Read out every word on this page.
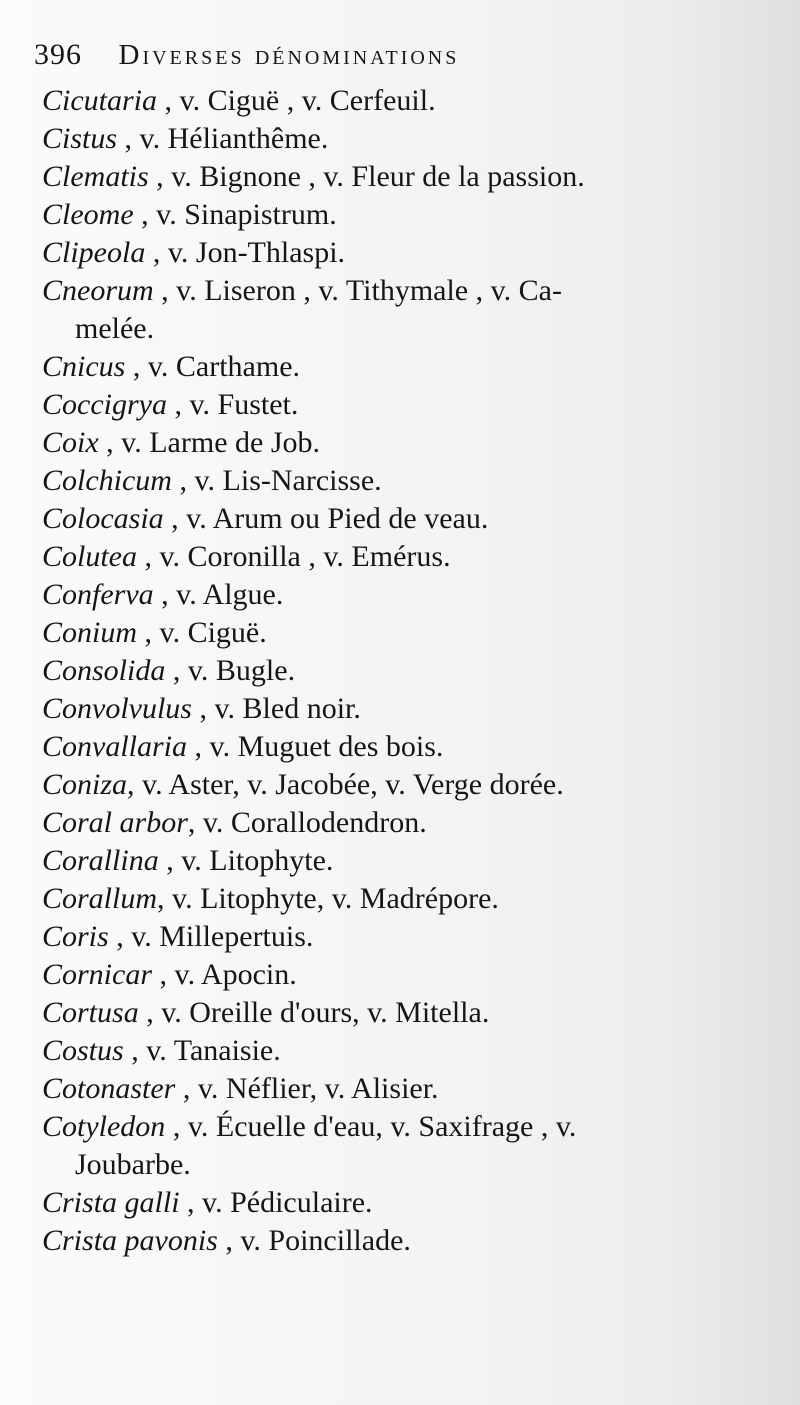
396 Diverses dénominations
Cicutaria , v. Ciguë , v. Cerfeuil.
Cistus , v. Hélianthême.
Clematis , v. Bignone , v. Fleur de la passion.
Cleome , v. Sinapistrum.
Clipeola , v. Jon-Thlaspi.
Cneorum , v. Liseron , v. Tithymale , v. Ca-
melée.
Cnicus , v. Carthame.
Coccigrya , v. Fustet.
Coix , v. Larme de Job.
Colchicum , v. Lis-Narcisse.
Colocasia , v. Arum ou Pied de veau.
Colutea , v. Coronilla , v. Emérus.
Conferva , v. Algue.
Conium , v. Ciguë.
Consolida , v. Bugle.
Convolvulus , v. Bled noir.
Convallaria , v. Muguet des bois.
Coniza, v. Aster, v. Jacobée, v. Verge dorée.
Coral arbor, v. Corallodendron.
Corallina , v. Litophyte.
Corallum, v. Litophyte, v. Madrépore.
Coris , v. Millepertuis.
Cornicar , v. Apocin.
Cortusa , v. Oreille d'ours, v. Mitella.
Costus , v. Tanaisie.
Cotonaster , v. Néflier, v. Alisier.
Cotyledon , v. Écuelle d'eau, v. Saxifrage , v.
Joubarbe.
Crista galli , v. Pédiculaire.
Crista pavonis , v. Poincillade.
